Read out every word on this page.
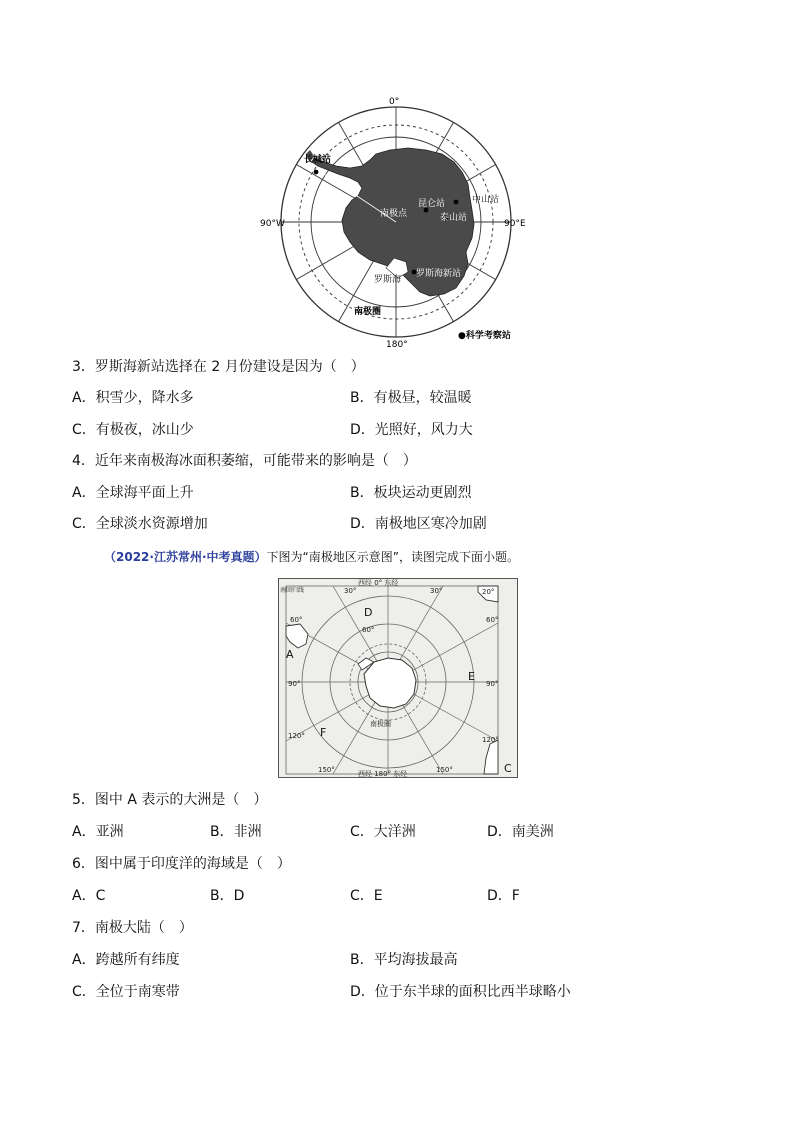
0°
90°W	90°E
180°
长城站
中山站
南极点
昆仑站
泰山站
罗斯海
罗斯海新站
南极圈
●科学考察站
3．罗斯海新站选择在 2 月份建设是因为（　）
A．积雪少，降水多	B．有极昼，较温暖
C．有极夜，冰山少	D．光照好，风力大
4．近年来南极海冰面积萎缩，可能带来的影响是（　）
A．全球海平面上升	B．板块运动更剧烈
C．全球淡水资源增加	D．南极地区寒冷加剧
（2022·江苏常州·中考真题）下图为“南极地区示意图”，读图完成下面小题。
西经 0° 东经
西经 180° 东经
南回归线	30°	30°
60°	60°
60°
90°	90°
120°	120°
150°	150°
20°
南极圈
D
E
F
A
C
5．图中 A 表示的大洲是（　）
A．亚洲	B．非洲	C．大洋洲	D．南美洲
6．图中属于印度洋的海域是（　）
A．C	B．D	C．E	D．F
7．南极大陆（　）
A．跨越所有纬度	B．平均海拔最高
C．全位于南寒带	D．位于东半球的面积比西半球略小
